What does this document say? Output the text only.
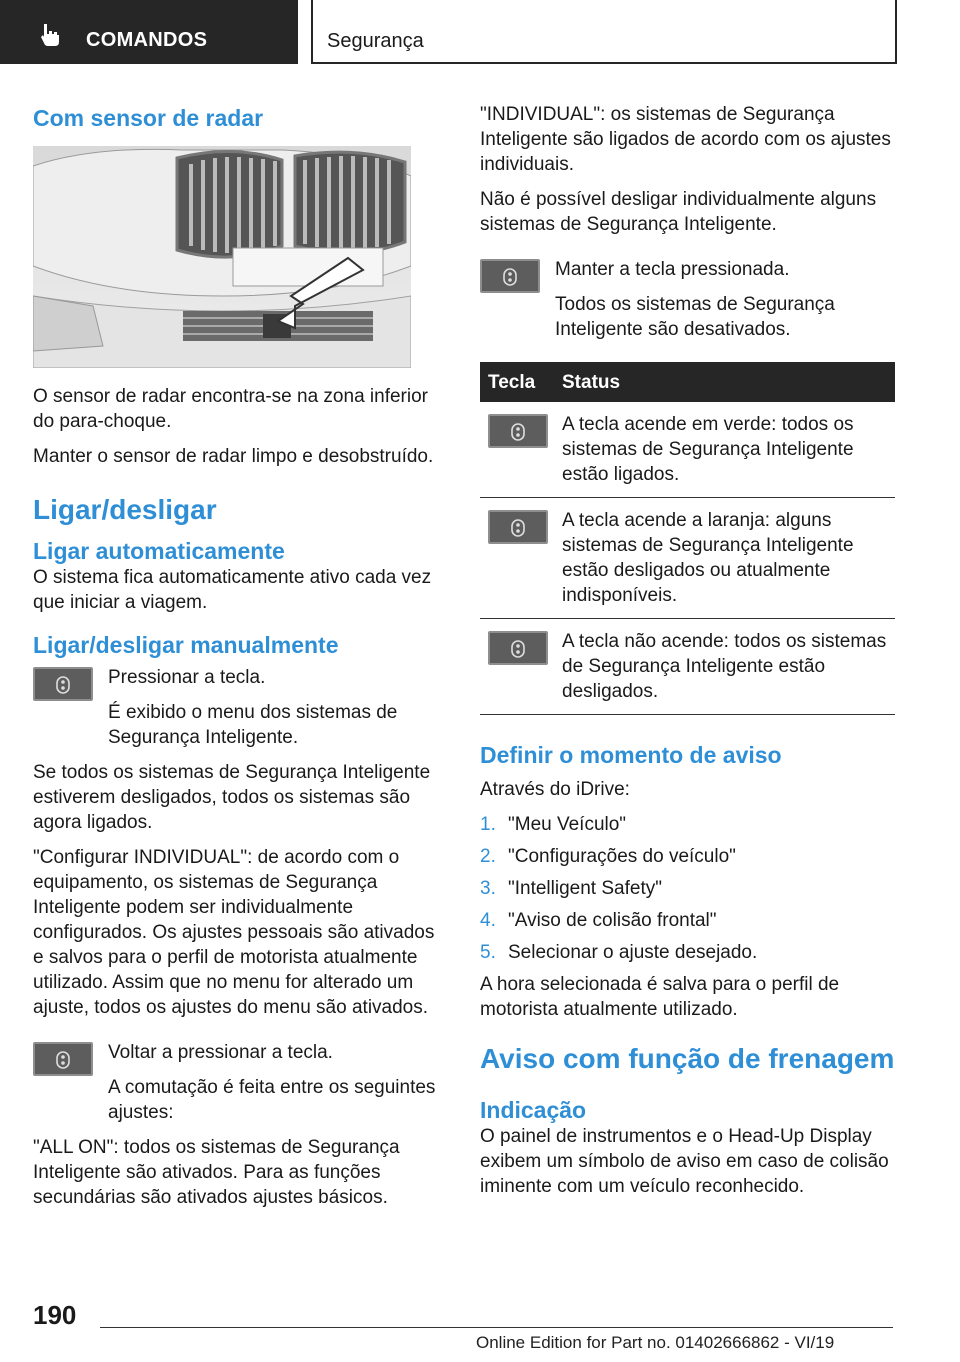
COMANDOS	Segurança
Com sensor de radar

O sensor de radar encontra-se na zona inferior do para-choque.

Manter o sensor de radar limpo e desobstruído.

Ligar/desligar
Ligar automaticamente

O sistema fica automaticamente ativo cada vez que iniciar a viagem.

Ligar/desligar manualmente

Pressionar a tecla.

É exibido o menu dos sistemas de Segurança Inteligente.

Se todos os sistemas de Segurança Inteligente estiverem desligados, todos os sistemas são agora ligados.

"Configurar INDIVIDUAL": de acordo com o equipamento, os sistemas de Segurança Inteligente podem ser individualmente configurados. Os ajustes pessoais são ativados e salvos para o perfil de motorista atualmente utilizado. Assim que no menu for alterado um ajuste, todos os ajustes do menu são ativados.

Voltar a pressionar a tecla.

A comutação é feita entre os seguintes ajustes:

"ALL ON": todos os sistemas de Segurança Inteligente são ativados. Para as funções secundárias são ativados ajustes básicos.

"INDIVIDUAL": os sistemas de Segurança Inteligente são ligados de acordo com os ajustes individuais.

Não é possível desligar individualmente alguns sistemas de Segurança Inteligente.

Manter a tecla pressionada.

Todos os sistemas de Segurança Inteligente são desativados.

Tecla	Status

	A tecla acende em verde: todos os sistemas de Segurança Inteligente estão ligados.

	A tecla acende a laranja: alguns sistemas de Segurança Inteligente estão desligados ou atualmente indisponíveis.

	A tecla não acende: todos os sistemas de Segurança Inteligente estão desligados.
Definir o momento de aviso

Através do iDrive:

1. "Meu Veículo"
2. "Configurações do veículo"
3. "Intelligent Safety"
4. "Aviso de colisão frontal"
5. Selecionar o ajuste desejado.

A hora selecionada é salva para o perfil de motorista atualmente utilizado.

Aviso com função de frenagem
Indicação

O painel de instrumentos e o Head-Up Display exibem um símbolo de aviso em caso de colisão iminente com um veículo reconhecido.

190
Online Edition for Part no. 01402666862 - VI/19
